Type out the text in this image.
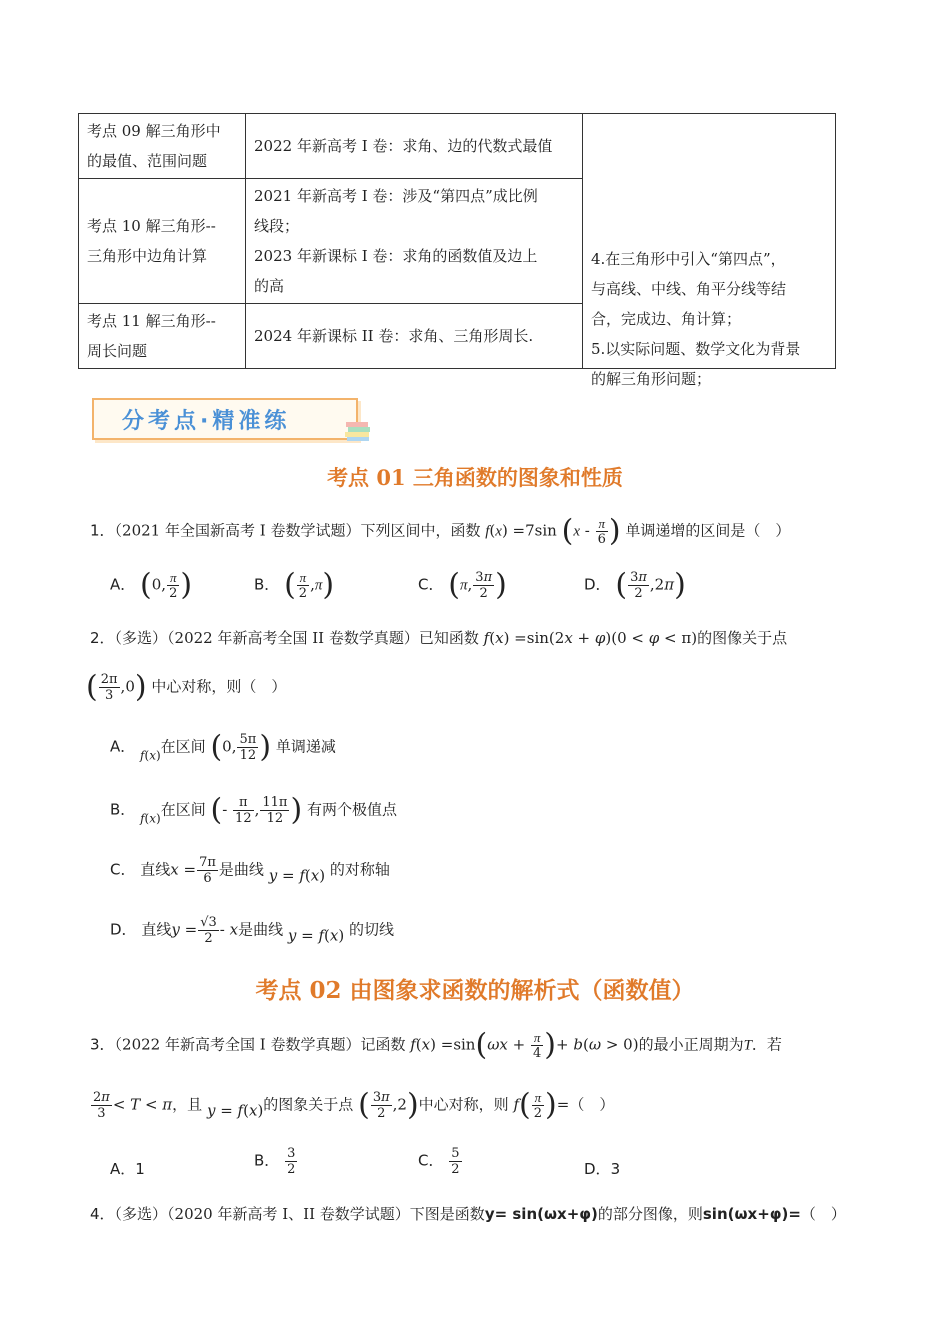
考点 09 解三角形中
的最值、范围问题	2022 年新高考 I 卷：求角、边的代数式最值	4.在三角形中引入“第四点”，
与高线、中线、角平分线等结
合，完成边、角计算；
5.以实际问题、数学文化为背景
的解三角形问题；

考点 10 解三角形--
三角形中边角计算	2021 年新高考 I 卷：涉及“第四点”成比例
线段；
2023 年新课标 Ⅰ 卷：求角的函数值及边上
的高	
考点 11 解三角形--
周长问题	2024 年新课标 II 卷：求角、三角形周长.	
分考点·精准练
考点 01 三角函数的图象和性质
1．（2021 年全国新高考 I 卷数学试题）下列区间中，函数 f(x) =7sin ($x - \frac{\pi}{6}$ ) 单调递增的区间是（　）
A． (0, $\frac{\pi}{2}$ )	B． ( $\frac{\pi}{2} ,\pi$)	C． (π, $\frac{3\pi}{2}$ )	D． ( $\frac{3\pi}{2} ,2\pi$)
2．（多选）（2022 年新高考全国 II 卷数学真题）已知函数 f(x) =sin(2x + φ)(0 < φ < π)的图像关于点
( $\frac{2\pi}{3} ,0$) 中心对称，则（　）
A． $_{f(x)}$在区间 (0, $\frac{5\pi}{12}$ ) 单调递减
B． $_{f(x)}$在区间 (- $\frac{\pi}{12}$ , $\frac{11\pi}{12}$ ) 有两个极值点
C． 直线$x = \frac{7\pi}{6}$ 是曲线 y = f(x) 的对称轴
D． 直线$y = \frac{√3}{2} - x$是曲线 y = f(x) 的切线
考点 02 由图象求函数的解析式（函数值）
3．（2022 年新高考全国 I 卷数学真题）记函数 $f(x) =\sin(\omega x + \frac{\pi}{4}$ )+ b(ω > 0)的最小正周期为T．若
$\frac{2\pi}{3} < T < \pi$，且 y = f(x)的图象关于点 ( $\frac{3\pi}{2} ,2$)中心对称，则 $f( \frac{\pi}{2}$ )=（　）
A．1	B． $\frac{3}{2}$	C． $\frac{5}{2}$	D．3
4．（多选）（2020 年新高考 I、II 卷数学试题）下图是函数y= sin(ωx+φ)的部分图像，则sin(ωx+φ)=（　）
